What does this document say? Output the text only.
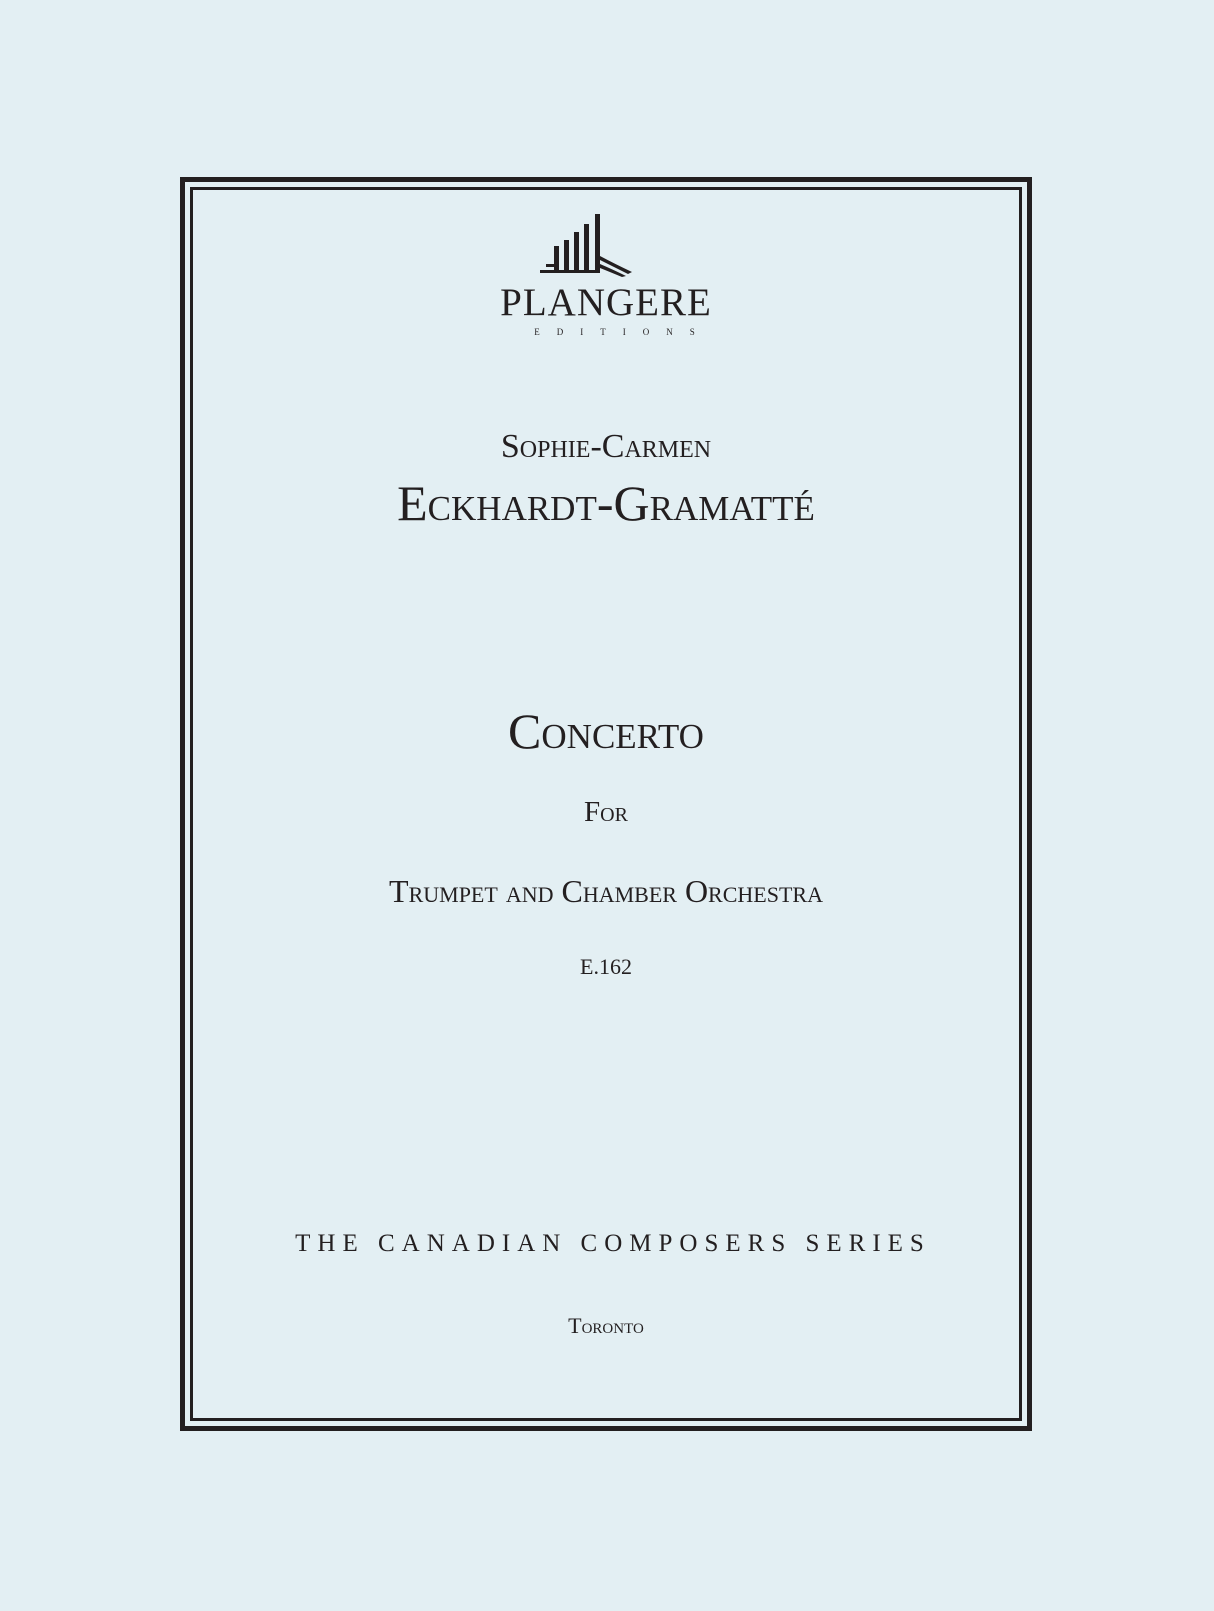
PLANGERE
EDITIONS
Sophie-Carmen
Eckhardt-Gramatté
Concerto
For
Trumpet and Chamber Orchestra
E.162
THE CANADIAN COMPOSERS SERIES
Toronto
